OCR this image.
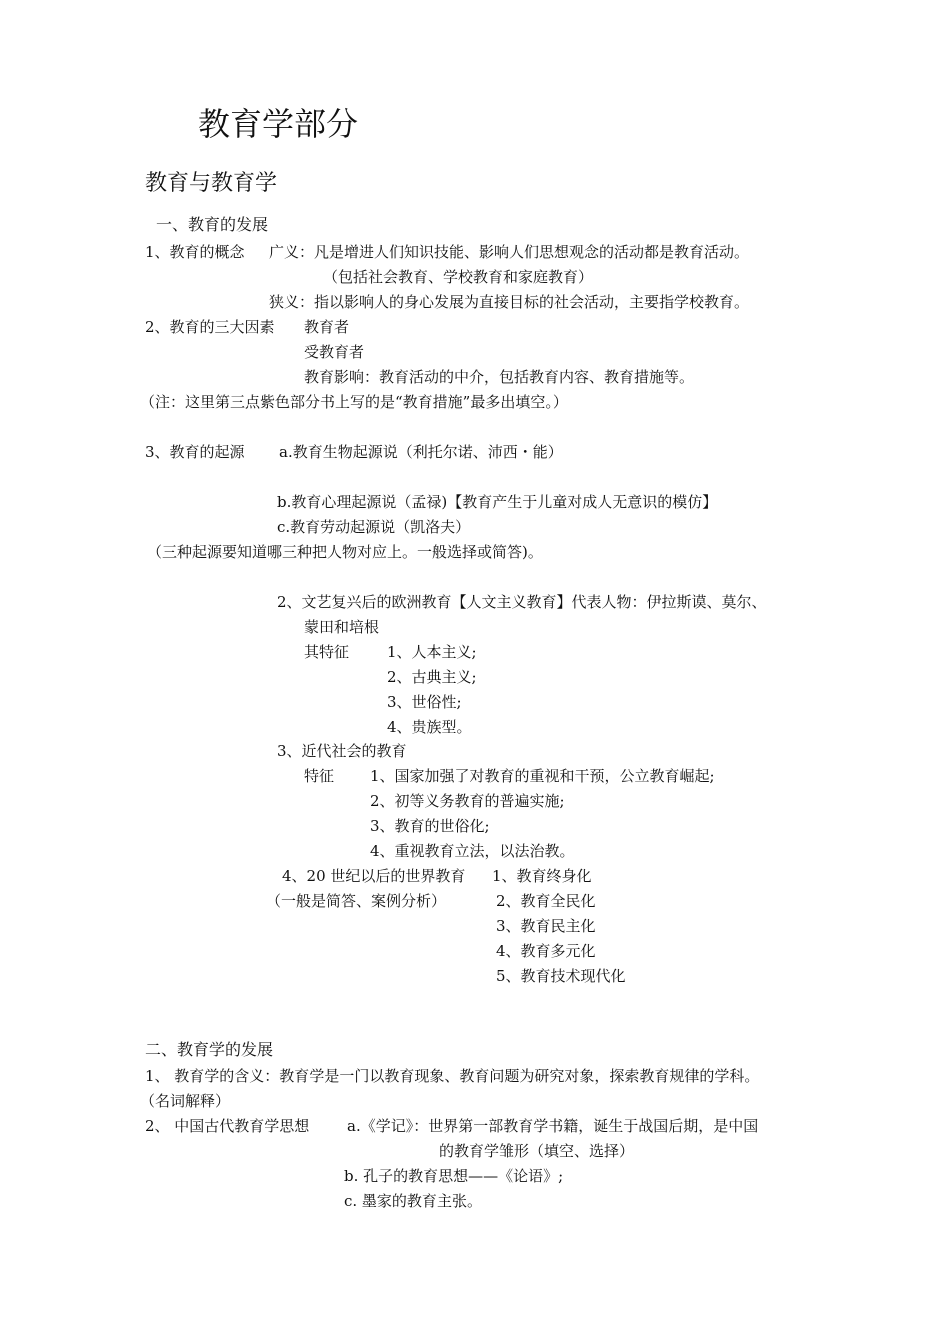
教育学部分
教育与教育学
一、教育的发展
1、教育的概念 广义：凡是增进人们知识技能、影响人们思想观念的活动都是教育活动。
（包括社会教育、学校教育和家庭教育）
狭义：指以影响人的身心发展为直接目标的社会活动，主要指学校教育。
2、教育的三大因素 教育者
受教育者
教育影响：教育活动的中介，包括教育内容、教育措施等。
（注：这里第三点紫色部分书上写的是“教育措施”最多出填空。）
3、教育的起源 a.教育生物起源说（利托尔诺、沛西・能）
b.教育心理起源说（孟禄)【教育产生于儿童对成人无意识的模仿】
c.教育劳动起源说（凯洛夫）
（三种起源要知道哪三种把人物对应上。一般选择或简答)。
2、文艺复兴后的欧洲教育【人文主义教育】代表人物：伊拉斯谟、莫尔、
蒙田和培根
其特征	1、人本主义;
2、古典主义;
3、世俗性;
4、贵族型。
3、近代社会的教育
特征 1、国家加强了对教育的重视和干预，公立教育崛起;
2、初等义务教育的普遍实施;
3、教育的世俗化;
4、重视教育立法，以法治教。
4、20 世纪以后的世界教育 1、教育终身化
（一般是简答、案例分析）	2、教育全民化
3、教育民主化
4、教育多元化
5、教育技术现代化
二、教育学的发展
1、 教育学的含义：教育学是一门以教育现象、教育问题为研究对象，探索教育规律的学科。
（名词解释）
2、 中国古代教育学思想	a.《学记》：世界第一部教育学书籍，诞生于战国后期，是中国
的教育学雏形（填空、选择）
b. 孔子的教育思想——《论语》;
c. 墨家的教育主张。
